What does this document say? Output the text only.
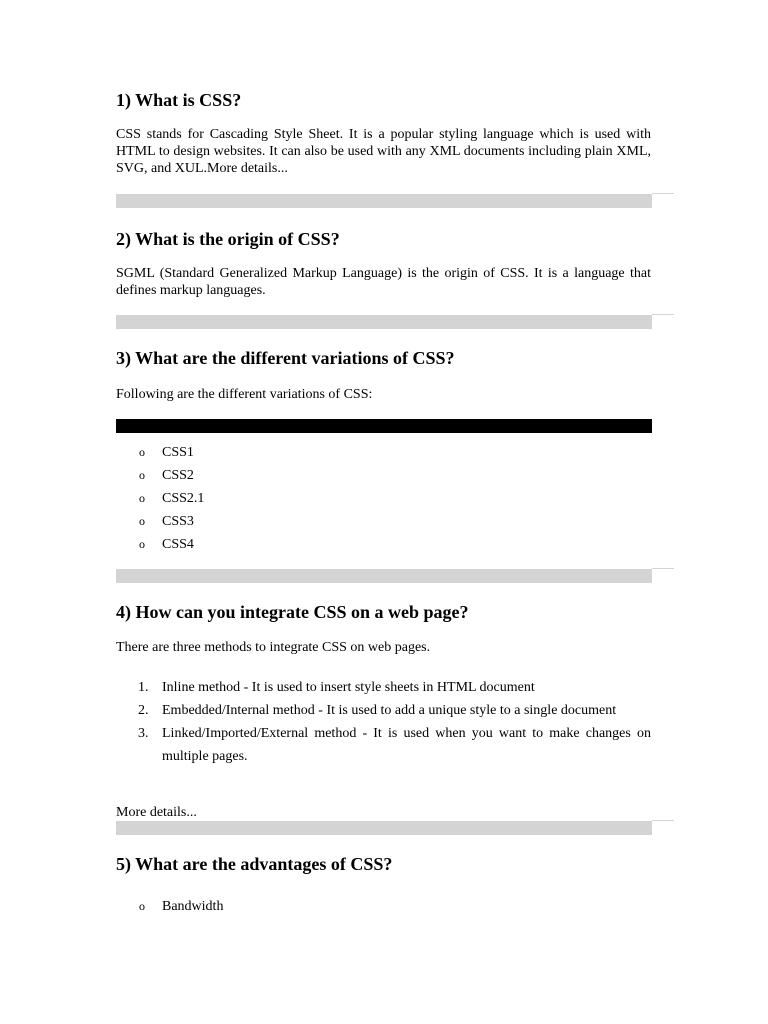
1) What is CSS?

CSS stands for Cascading Style Sheet. It is a popular styling language which is used with HTML to design websites. It can also be used with any XML documents including plain XML, SVG, and XUL.More details...

2) What is the origin of CSS?

SGML (Standard Generalized Markup Language) is the origin of CSS. It is a language that defines markup languages.

3) What are the different variations of CSS?

Following are the different variations of CSS:

o CSS1
o CSS2
o CSS2.1
o CSS3
o CSS4
4) How can you integrate CSS on a web page?

There are three methods to integrate CSS on web pages.

1. Inline method - It is used to insert style sheets in HTML document
2. Embedded/Internal method - It is used to add a unique style to a single document
3. Linked/Imported/External method - It is used when you want to make changes on multiple pages.

More details...

5) What are the advantages of CSS?
o Bandwidth
